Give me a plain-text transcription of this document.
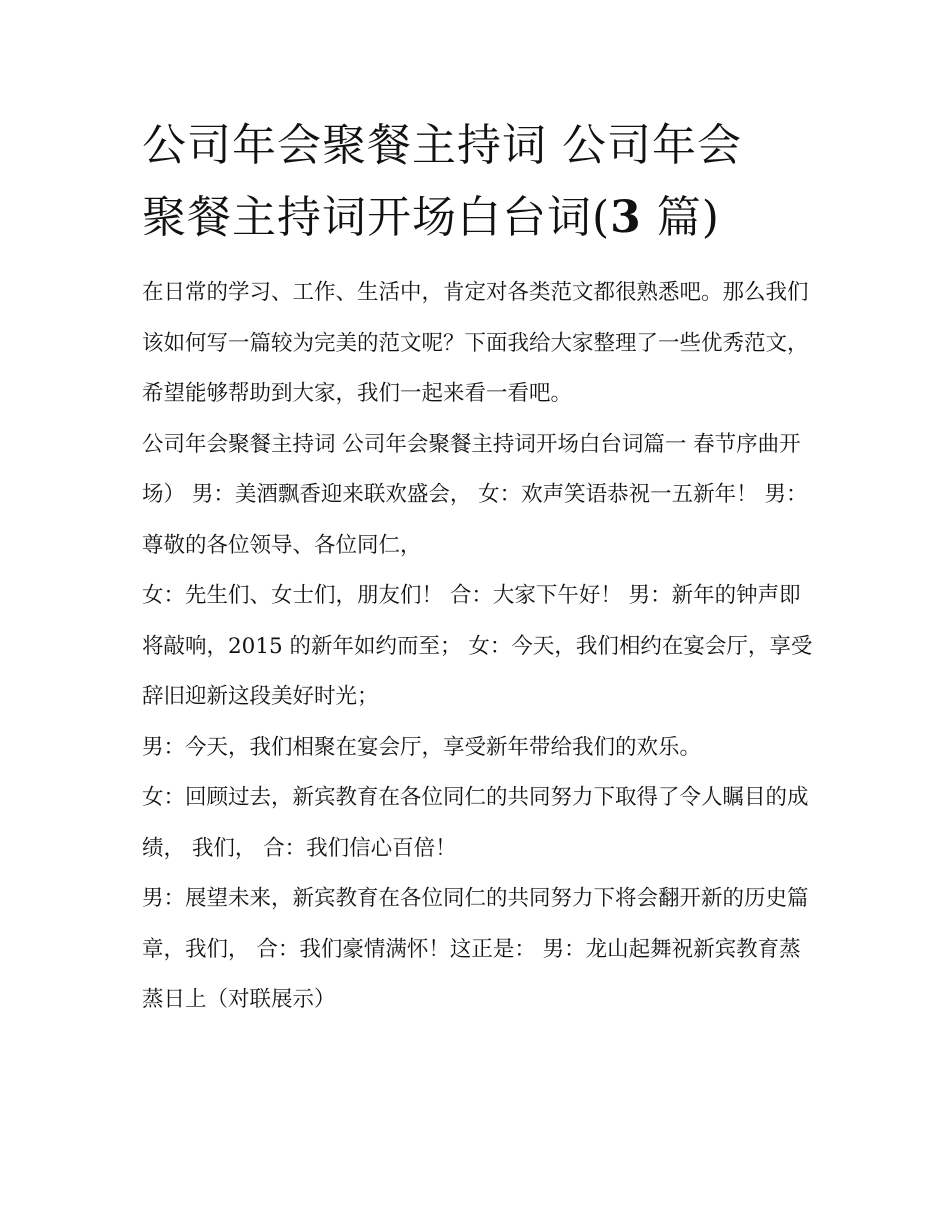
公司年会聚餐主持词 公司年会
聚餐主持词开场白台词(3 篇)

在日常的学习、工作、生活中，肯定对各类范文都很熟悉吧。那么我们该如何写一篇较为完美的范文呢？下面我给大家整理了一些优秀范文，希望能够帮助到大家，我们一起来看一看吧。

公司年会聚餐主持词 公司年会聚餐主持词开场白台词篇一 春节序曲开场） 男：美酒飘香迎来联欢盛会， 女：欢声笑语恭祝一五新年！ 男：尊敬的各位领导、各位同仁，

女：先生们、女士们，朋友们！ 合：大家下午好！ 男：新年的钟声即将敲响，2015 的新年如约而至； 女：今天，我们相约在宴会厅，享受辞旧迎新这段美好时光；

男：今天，我们相聚在宴会厅，享受新年带给我们的欢乐。

女：回顾过去，新宾教育在各位同仁的共同努力下取得了令人瞩目的成绩， 我们， 合：我们信心百倍！

男：展望未来，新宾教育在各位同仁的共同努力下将会翻开新的历史篇章，我们， 合：我们豪情满怀！这正是： 男：龙山起舞祝新宾教育蒸蒸日上（对联展示）
